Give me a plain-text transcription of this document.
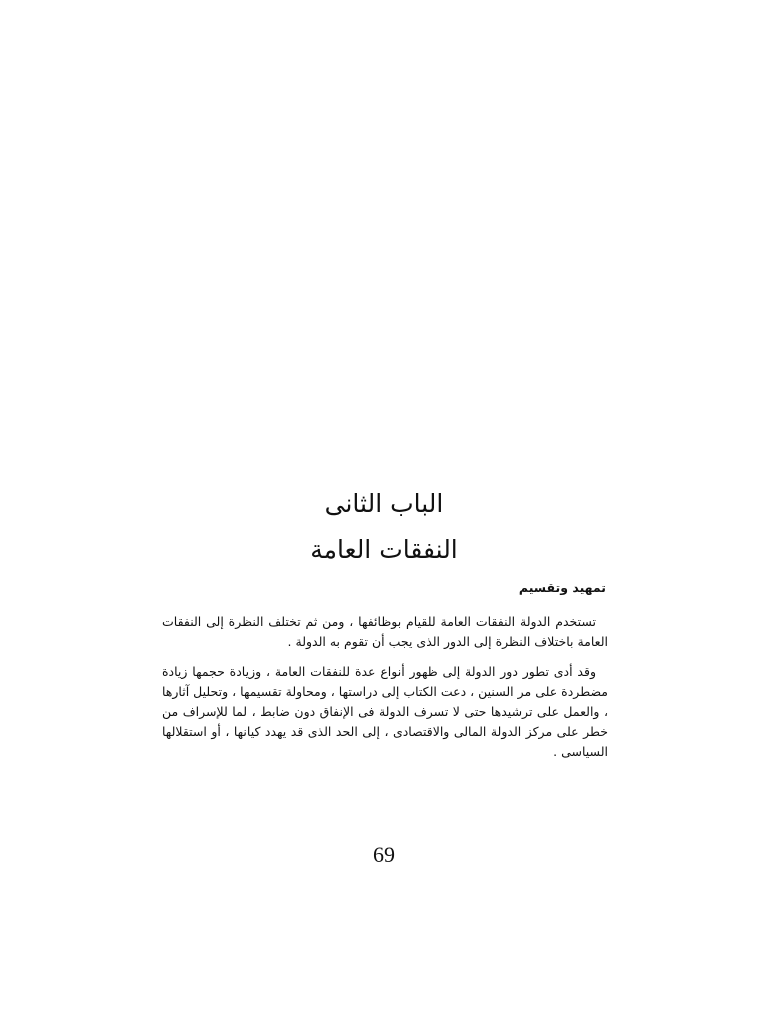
الباب الثانى
النفقات العامة
تمهيد وتقسيم

تستخدم الدولة النفقات العامة للقيام بوظائفها ، ومن ثم تختلف النظرة إلى النفقات العامة باختلاف النظرة إلى الدور الذى يجب أن تقوم به الدولة .

وقد أدى تطور دور الدولة إلى ظهور أنواع عدة للنفقات العامة ، وزيادة حجمها زيادة مضطردة على مر السنين ، دعت الكتاب إلى دراستها ، ومحاولة تقسيمها ، وتحليل آثارها ، والعمل على ترشيدها حتى لا تسرف الدولة فى الإنفاق دون ضابط ، لما للإسراف من خطر على مركز الدولة المالى والاقتصادى ، إلى الحد الذى قد يهدد كيانها ، أو استقلالها السياسى .

69
